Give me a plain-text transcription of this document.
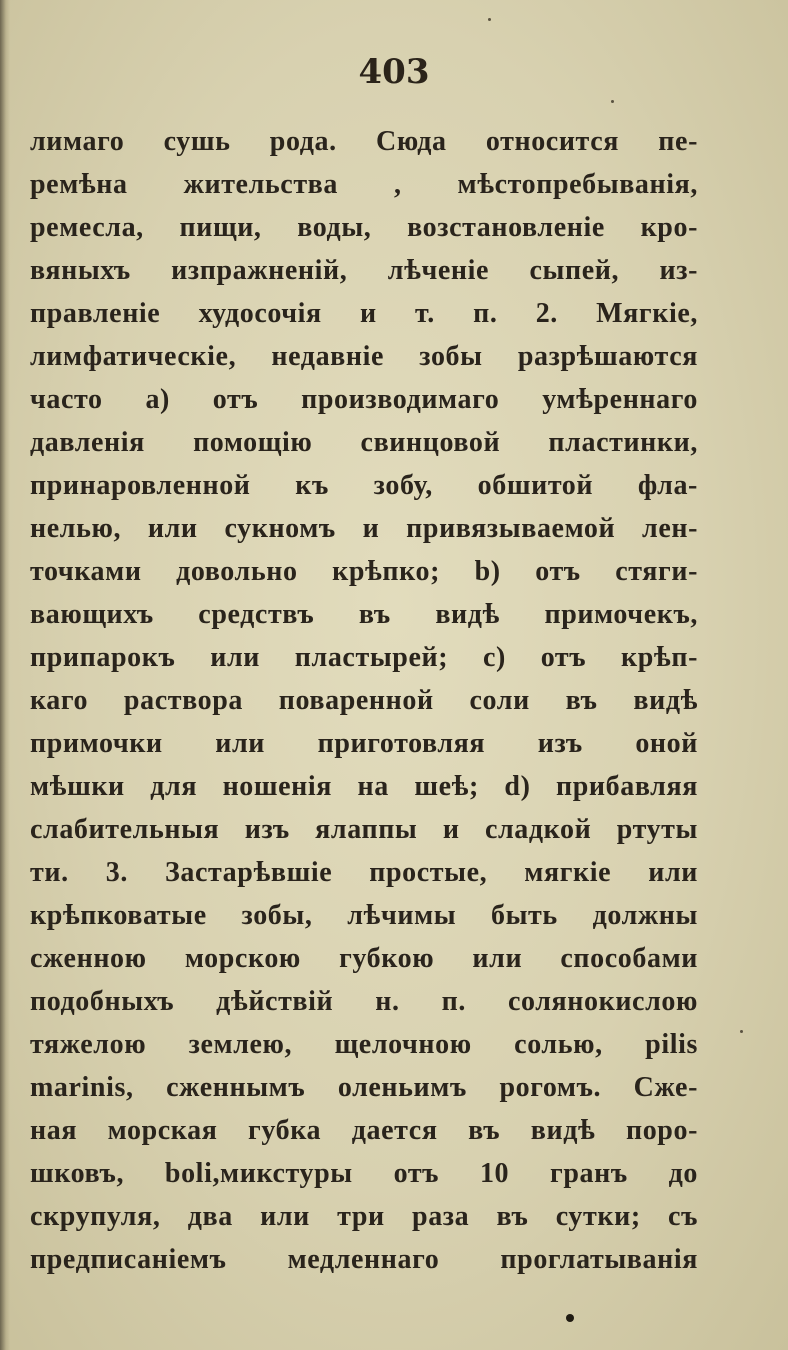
403
лимаго сушь рода. Сюда относится пе-
ремѣна жительства , мѣстопребыванія,
ремесла, пищи, воды, возстановленіе кро-
вяныхъ изпражненій, лѣченіе сыпей, из-
правленіе худосочія и т. п. 2. Мягкіе,
лимфатическіе, недавніе зобы разрѣшаются
часто а) отъ производимаго умѣреннаго
давленія помощію свинцовой пластинки,
принаровленной къ зобу, обшитой фла-
нелью, или сукномъ и привязываемой лен-
точками довольно крѣпко; b) отъ стяги-
вающихъ средствъ въ видѣ примочекъ,
припарокъ или пластырей; c) отъ крѣп-
каго раствора поваренной соли въ видѣ
примочки или приготовляя изъ оной
мѣшки для ношенія на шеѣ; d) прибавляя
слабительныя изъ ялаппы и сладкой ртуты
ти. 3. Застарѣвшіе простые, мягкіе или
крѣпковатые зобы, лѣчимы быть должны
сженною морскою губкою или способами
подобныхъ дѣйствій н. п. солянокислою
тяжелою землею, щелочною солью, pilis
marinis, сженнымъ оленьимъ рогомъ. Сже-
ная морская губка дается въ видѣ поро-
шковъ, boli,микстуры отъ 10 гранъ до
скрупуля, два или три раза въ сутки; съ
предписаніемъ медленнаго проглатыванія
